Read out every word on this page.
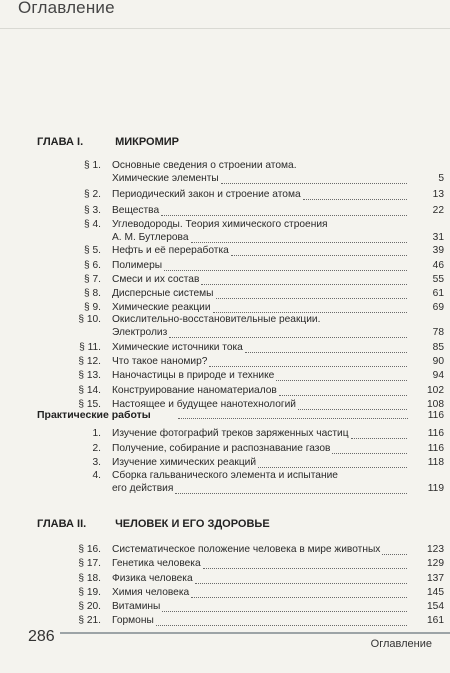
Оглавление
ГЛАВА I.	МИКРОМИР
§ 1. Основные сведения о строении атома.
Химические элементы	5
§ 2. Периодический закон и строение атома	13
§ 3. Вещества	22
§ 4. Углеводороды. Теория химического строения
А. М. Бутлерова	31
§ 5. Нефть и её переработка	39
§ 6. Полимеры	46
§ 7. Смеси и их состав	55
§ 8. Дисперсные системы	61
§ 9. Химические реакции	69
§ 10. Окислительно-восстановительные реакции.
Электролиз	78
§ 11. Химические источники тока	85
§ 12. Что такое наномир?	90
§ 13. Наночастицы в природе и технике	94
§ 14. Конструирование наноматериалов	102
§ 15. Настоящее и будущее нанотехнологий	108
Практические работы	116
1. Изучение фотографий треков заряженных частиц	116
2. Получение, собирание и распознавание газов	116
3. Изучение химических реакций	118
4. Сборка гальванического элемента и испытание
его действия	119
ГЛАВА II.	ЧЕЛОВЕК И ЕГО ЗДОРОВЬЕ
§ 16. Систематическое положение человека в мире животных	123
§ 17. Генетика человека	129
§ 18. Физика человека	137
§ 19. Химия человека	145
§ 20. Витамины	154
§ 21. Гормоны	161
286	Оглавление
